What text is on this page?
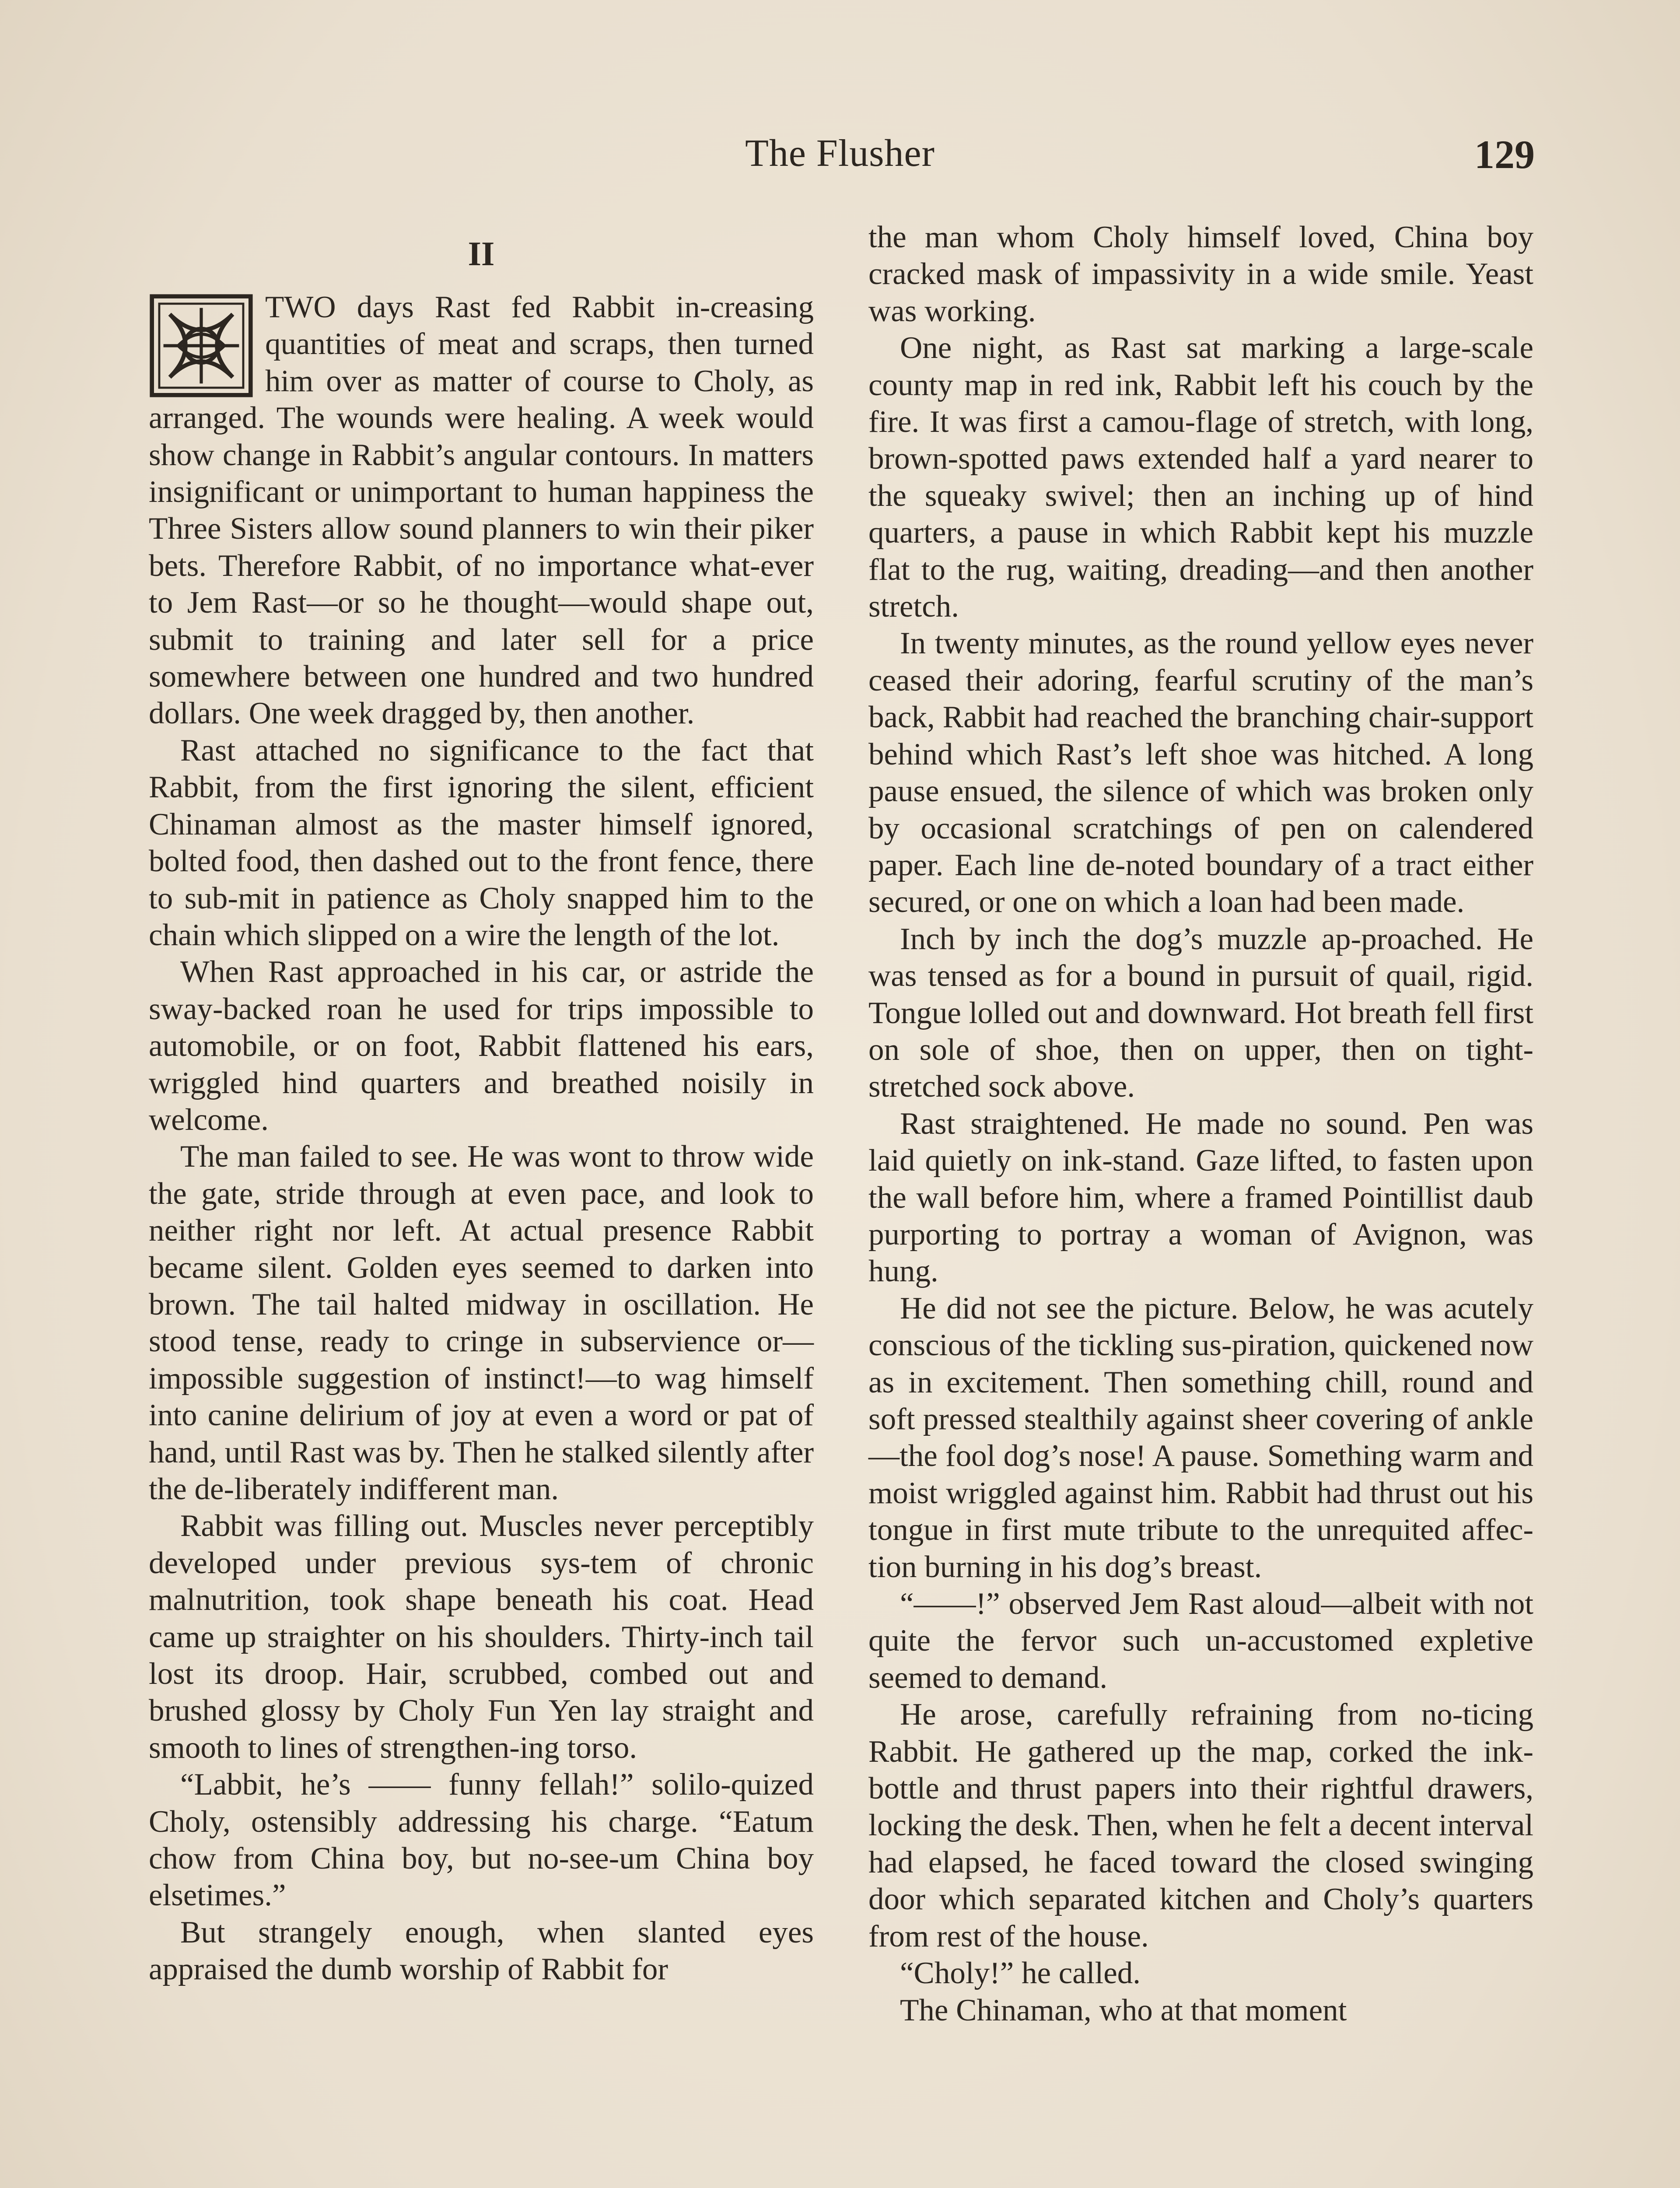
The Flusher	129
II

TWO days Rast fed Rabbit in-creasing quantities of meat and scraps, then turned him over as matter of course to Choly, as arranged. The wounds were healing. A week would show change in Rabbit’s angular contours. In matters insignificant or unimportant to human happiness the Three Sisters allow sound planners to win their piker bets. Therefore Rabbit, of no importance what-ever to Jem Rast—or so he thought—would shape out, submit to training and later sell for a price somewhere between one hundred and two hundred dollars. One week dragged by, then another.

Rast attached no significance to the fact that Rabbit, from the first ignoring the silent, efficient Chinaman almost as the master himself ignored, bolted food, then dashed out to the front fence, there to sub-mit in patience as Choly snapped him to the chain which slipped on a wire the length of the lot.

When Rast approached in his car, or astride the sway-backed roan he used for trips impossible to automobile, or on foot, Rabbit flattened his ears, wriggled hind quarters and breathed noisily in welcome.

The man failed to see. He was wont to throw wide the gate, stride through at even pace, and look to neither right nor left. At actual presence Rabbit became silent. Golden eyes seemed to darken into brown. The tail halted midway in oscillation. He stood tense, ready to cringe in subservience or—impossible suggestion of instinct!—to wag himself into canine delirium of joy at even a word or pat of hand, until Rast was by. Then he stalked silently after the de-liberately indifferent man.

Rabbit was filling out. Muscles never perceptibly developed under previous sys-tem of chronic malnutrition, took shape beneath his coat. Head came up straighter on his shoulders. Thirty-inch tail lost its droop. Hair, scrubbed, combed out and brushed glossy by Choly Fun Yen lay straight and smooth to lines of strengthen-ing torso.

“Labbit, he’s —— funny fellah!” solilo-quized Choly, ostensibly addressing his charge. “Eatum chow from China boy, but no-see-um China boy elsetimes.”

But strangely enough, when slanted eyes appraised the dumb worship of Rabbit for

the man whom Choly himself loved, China boy cracked mask of impassivity in a wide smile. Yeast was working.

One night, as Rast sat marking a large-scale county map in red ink, Rabbit left his couch by the fire. It was first a camou-flage of stretch, with long, brown-spotted paws extended half a yard nearer to the squeaky swivel; then an inching up of hind quarters, a pause in which Rabbit kept his muzzle flat to the rug, waiting, dreading—and then another stretch.

In twenty minutes, as the round yellow eyes never ceased their adoring, fearful scrutiny of the man’s back, Rabbit had reached the branching chair-support behind which Rast’s left shoe was hitched. A long pause ensued, the silence of which was broken only by occasional scratchings of pen on calendered paper. Each line de-noted boundary of a tract either secured, or one on which a loan had been made.

Inch by inch the dog’s muzzle ap-proached. He was tensed as for a bound in pursuit of quail, rigid. Tongue lolled out and downward. Hot breath fell first on sole of shoe, then on upper, then on tight-stretched sock above.

Rast straightened. He made no sound. Pen was laid quietly on ink-stand. Gaze lifted, to fasten upon the wall before him, where a framed Pointillist daub purporting to portray a woman of Avignon, was hung.

He did not see the picture. Below, he was acutely conscious of the tickling sus-piration, quickened now as in excitement. Then something chill, round and soft pressed stealthily against sheer covering of ankle—the fool dog’s nose! A pause. Something warm and moist wriggled against him. Rabbit had thrust out his tongue in first mute tribute to the unrequited affec-tion burning in his dog’s breast.

“——!” observed Jem Rast aloud—albeit with not quite the fervor such un-accustomed expletive seemed to demand.

He arose, carefully refraining from no-ticing Rabbit. He gathered up the map, corked the ink-bottle and thrust papers into their rightful drawers, locking the desk. Then, when he felt a decent interval had elapsed, he faced toward the closed swinging door which separated kitchen and Choly’s quarters from rest of the house.

“Choly!” he called.

The Chinaman, who at that moment
